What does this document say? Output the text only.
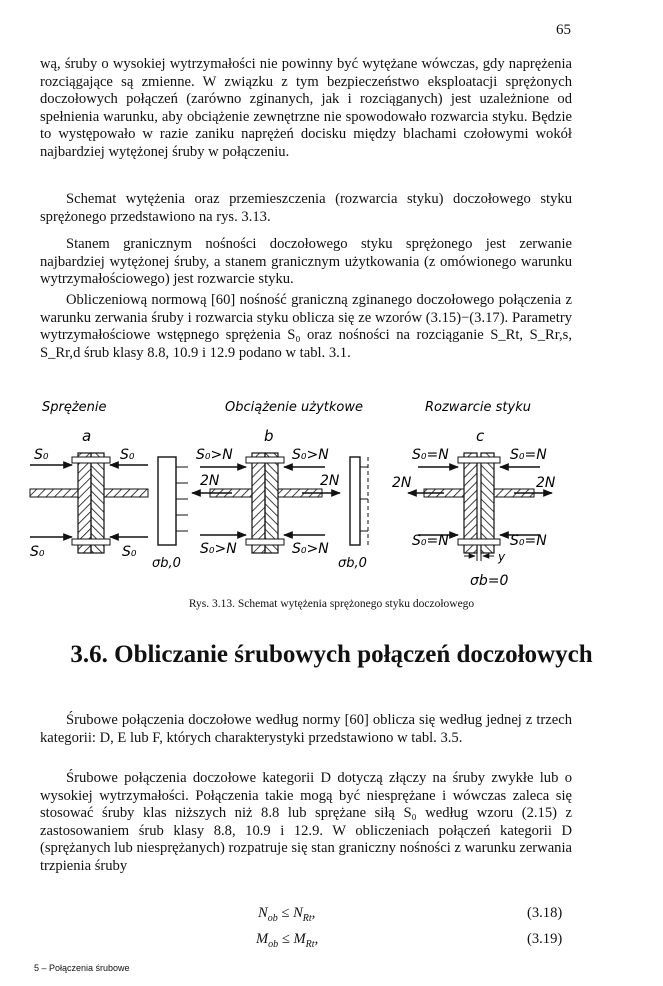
65
wą, śruby o wysokiej wytrzymałości nie powinny być wytężane wówczas, gdy naprężenia rozciągające są zmienne. W związku z tym bezpieczeństwo eksploatacji sprężonych doczołowych połączeń (zarówno zginanych, jak i rozciąganych) jest uzależnione od spełnienia warunku, aby obciążenie zewnętrzne nie spowodowało rozwarcia styku. Będzie to występowało w razie zaniku naprężeń docisku między blachami czołowymi wokół najbardziej wytężonej śruby w połączeniu.
Schemat wytężenia oraz przemieszczenia (rozwarcia styku) doczołowego styku sprężonego przedstawiono na rys. 3.13.
Stanem granicznym nośności doczołowego styku sprężonego jest zerwanie najbardziej wytężonej śruby, a stanem granicznym użytkowania (z omówionego warunku wytrzymałościowego) jest rozwarcie styku.
Obliczeniową normową [60] nośność graniczną zginanego doczołowego połączenia z warunku zerwania śruby i rozwarcia styku oblicza się ze wzorów (3.15)−(3.17). Parametry wytrzymałościowe wstępnego sprężenia S₀ oraz nośności na rozciąganie S_Rt, S_Rr,s, S_Rr,d śrub klasy 8.8, 10.9 i 12.9 podano w tabl. 3.1.
Sprężenie	Obciążenie użytkowe	Rozwarcie styku
a	b	c
S₀	S₀
S₀	S₀
S₀>N	S₀>N
2N	2N
S₀>N	S₀>N
σb,0	σb,0
S₀=N	S₀=N
2N	2N
S₀=N	S₀=N
y
σb=0
Rys. 3.13. Schemat wytężenia sprężonego styku doczołowego
3.6. Obliczanie śrubowych połączeń doczołowych
Śrubowe połączenia doczołowe według normy [60] oblicza się według jednej z trzech kategorii: D, E lub F, których charakterystyki przedstawiono w tabl. 3.5.
Śrubowe połączenia doczołowe kategorii D dotyczą złączy na śruby zwykłe lub o wysokiej wytrzymałości. Połączenia takie mogą być niesprężane i wówczas zaleca się stosować śruby klas niższych niż 8.8 lub sprężane siłą S₀ według wzoru (2.15) z zastosowaniem śrub klasy 8.8, 10.9 i 12.9. W obliczeniach połączeń kategorii D (sprężanych lub niesprężanych) rozpatruje się stan graniczny nośności z warunku zerwania trzpienia śruby
$N_{ob} \le N_{Rt}$,	(3.18)
$M_{ob} \le M_{Rt}$,	(3.19)
5 – Połączenia śrubowe
